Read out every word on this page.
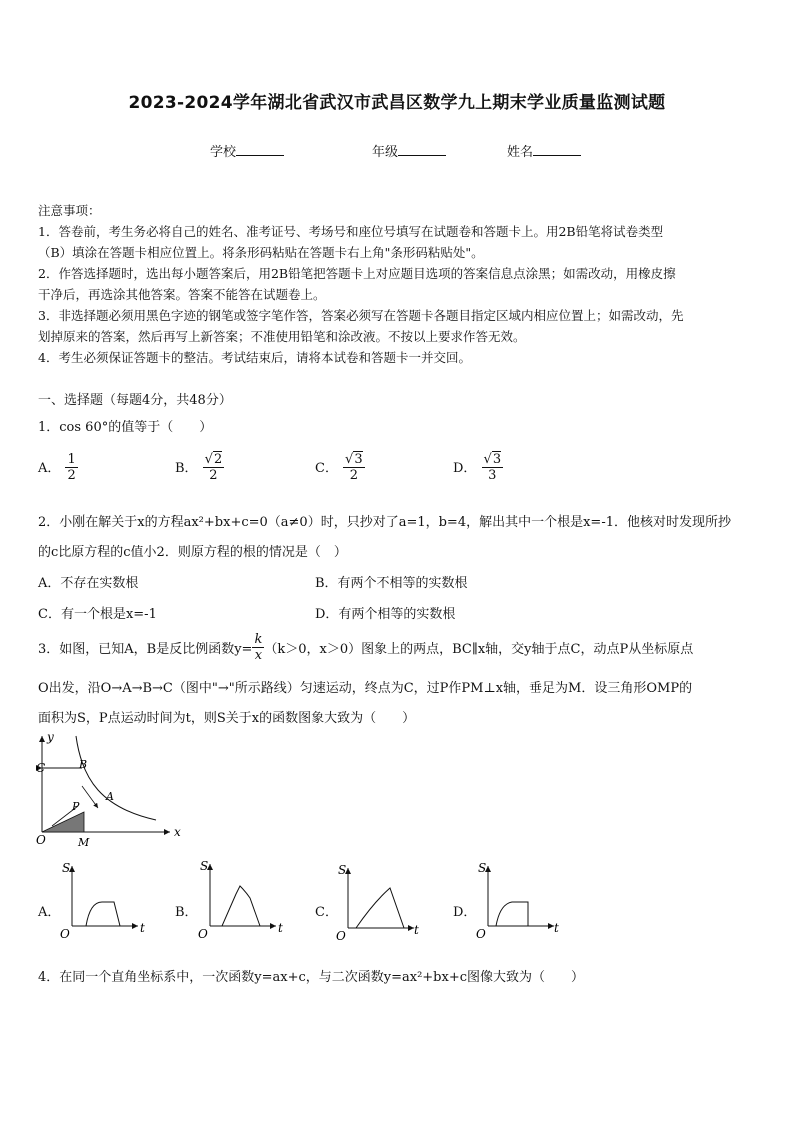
2023-2024学年湖北省武汉市武昌区数学九上期末学业质量监测试题
学校	年级	姓名
注意事项：
1．答卷前，考生务必将自己的姓名、准考证号、考场号和座位号填写在试题卷和答题卡上。用2B铅笔将试卷类型
（B）填涂在答题卡相应位置上。将条形码粘贴在答题卡右上角"条形码粘贴处"。
2．作答选择题时，选出每小题答案后，用2B铅笔把答题卡上对应题目选项的答案信息点涂黑；如需改动，用橡皮擦
干净后，再选涂其他答案。答案不能答在试题卷上。
3．非选择题必须用黑色字迹的钢笔或签字笔作答，答案必须写在答题卡各题目指定区域内相应位置上；如需改动，先
划掉原来的答案，然后再写上新答案；不准使用铅笔和涂改液。不按以上要求作答无效。
4．考生必须保证答题卡的整洁。考试结束后，请将本试卷和答题卡一并交回。
一、选择题（每题4分，共48分）
1．cos 60°的值等于（　　）
A． $\frac{1}{2}$	B． $\frac{√2}{2}$	C． $\frac{√3}{2}$	D． $\frac{√3}{3}$
2．小刚在解关于x的方程ax²+bx+c=0（a≠0）时，只抄对了a=1，b=4，解出其中一个根是x=-1．他核对时发现所抄
的c比原方程的c值小2．则原方程的根的情况是（　）
A．不存在实数根	B．有两个不相等的实数根
C．有一个根是x=-1	D．有两个相等的实数根
3．如图，已知A，B是反比例函数$y= \frac{k}{x} (k>0$，x＞0）图象上的两点，BC∥x轴，交y轴于点C，动点P从坐标原点
O出发，沿O→A→B→C（图中"→"所示路线）匀速运动，终点为C，过P作PM⊥x轴，垂足为M．设三角形OMP的
面积为S，P点运动时间为t，则S关于x的函数图象大致为（　　）
y
x
C	B
A
P
O	M
A．
S
t
O
B．
S
t
O
C．
S
t
O
D．
S
t
O
4．在同一个直角坐标系中，一次函数y=ax+c，与二次函数y=ax²+bx+c图像大致为（　　）
